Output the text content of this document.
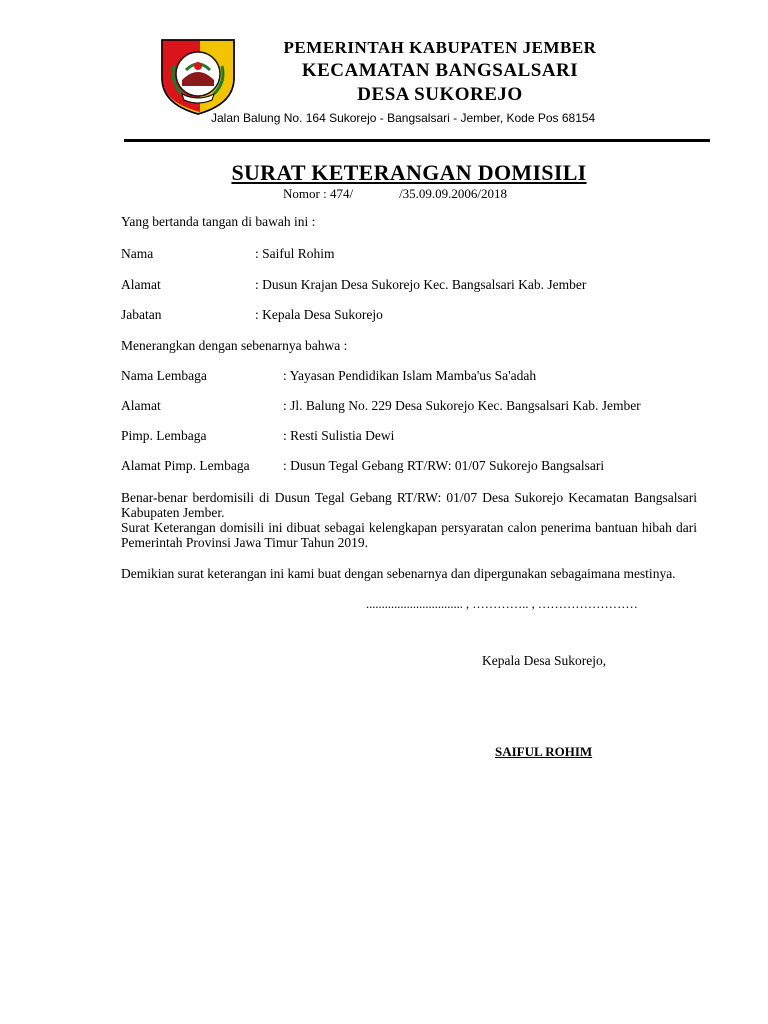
PEMERINTAH KABUPATEN JEMBER
KECAMATAN BANGSALSARI
DESA SUKOREJO
Jalan Balung No. 164 Sukorejo - Bangsalsari - Jember, Kode Pos 68154
SURAT KETERANGAN DOMISILI
Nomor : 474/	/35.09.09.2006/2018
Yang bertanda tangan di bawah ini :
Nama	: Saiful Rohim
Alamat	: Dusun Krajan Desa Sukorejo Kec. Bangsalsari Kab. Jember
Jabatan	: Kepala Desa Sukorejo
Menerangkan dengan sebenarnya bahwa :
Nama Lembaga	: Yayasan Pendidikan Islam Mamba'us Sa'adah
Alamat	: Jl. Balung No. 229 Desa Sukorejo Kec. Bangsalsari Kab. Jember
Pimp. Lembaga	: Resti Sulistia Dewi
Alamat Pimp. Lembaga : Dusun Tegal Gebang RT/RW: 01/07 Sukorejo Bangsalsari
Benar-benar berdomisili di Dusun Tegal Gebang RT/RW: 01/07 Desa Sukorejo Kecamatan Bangsalsari Kabupaten Jember.
Surat Keterangan domisili ini dibuat sebagai kelengkapan persyaratan calon penerima bantuan hibah dari Pemerintah Provinsi Jawa Timur Tahun 2019.
Demikian surat keterangan ini kami buat dengan sebenarnya dan dipergunakan sebagaimana mestinya.
............................... , ………….. , ……………………
Kepala Desa Sukorejo,
SAIFUL ROHIM
